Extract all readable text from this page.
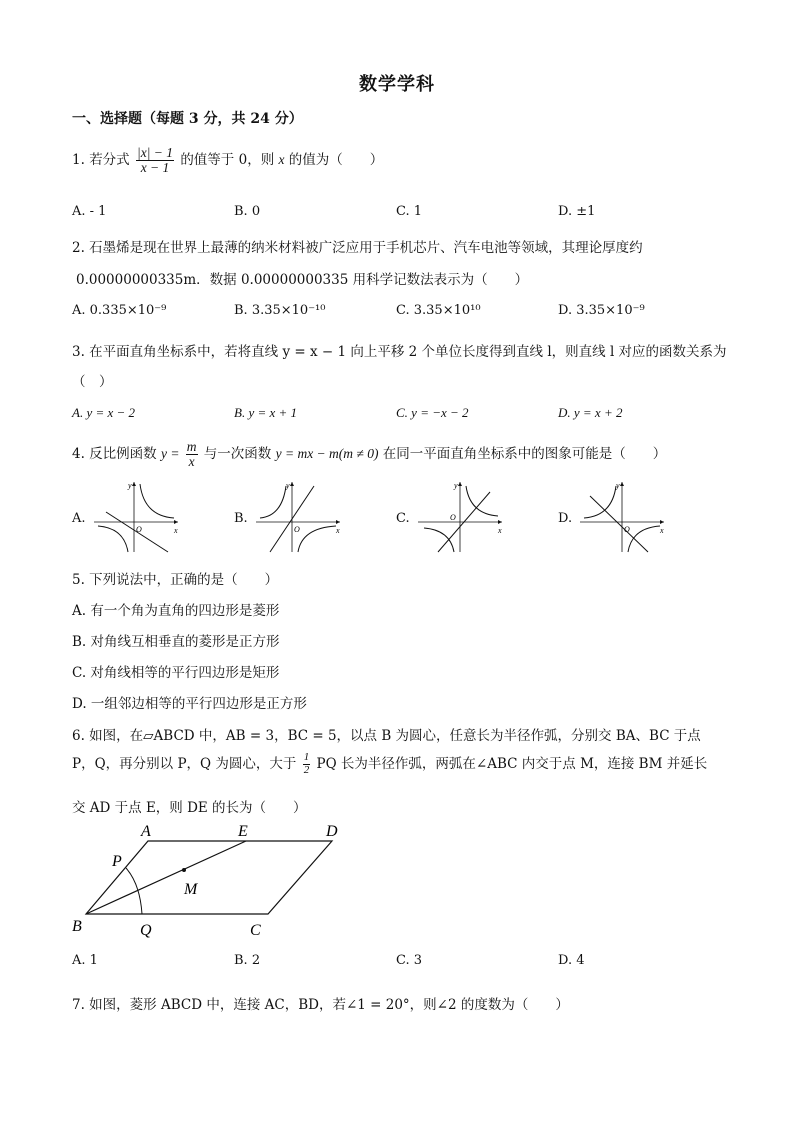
数学学科
一、选择题（每题 3 分，共 24 分）
1. 若分式 $\frac{|x| - 1}{x - 1}$ 的值等于 0，则 x 的值为（　　）
A. - 1	B. 0	C. 1	D. ±1
2. 石墨烯是现在世界上最薄的纳米材料被广泛应用于手机芯片、汽车电池等领域，其理论厚度约
0.00000000335m．数据 0.00000000335 用科学记数法表示为（　　）
A. 0.335×10⁻⁹	B. 3.35×10⁻¹⁰	C. 3.35×10¹⁰	D. 3.35×10⁻⁹
3. 在平面直角坐标系中，若将直线 y = x − 1 向上平移 2 个单位长度得到直线 l，则直线 l 对应的函数关系为
（　）
A. y = x − 2	B. y = x + 1	C. y = −x − 2	D. y = x + 2
4. 反比例函数 $y = \frac{m}{x}$ 与一次函数 y = mx − m(m ≠ 0) 在同一平面直角坐标系中的图象可能是（　　）
A.	B.	C.	D.
x
y
O	x
y
O	x
y
O
x
y
O
5. 下列说法中，正确的是（　　）
A. 有一个角为直角的四边形是菱形
B. 对角线互相垂直的菱形是正方形
C. 对角线相等的平行四边形是矩形
D. 一组邻边相等的平行四边形是正方形
6. 如图，在▱ABCD 中，AB = 3，BC = 5，以点 B 为圆心，任意长为半径作弧，分别交 BA、BC 于点
P，Q，再分别以 P，Q 为圆心，大于 $\frac{1}{2}$ PQ 长为半径作弧，两弧在∠ABC 内交于点 M，连接 BM 并延长
交 AD 于点 E，则 DE 的长为（　　）
A	E	D
P
M
B	Q	C
A. 1	B. 2	C. 3	D. 4
7. 如图，菱形 ABCD 中，连接 AC，BD，若∠1 = 20°，则∠2 的度数为（　　）
